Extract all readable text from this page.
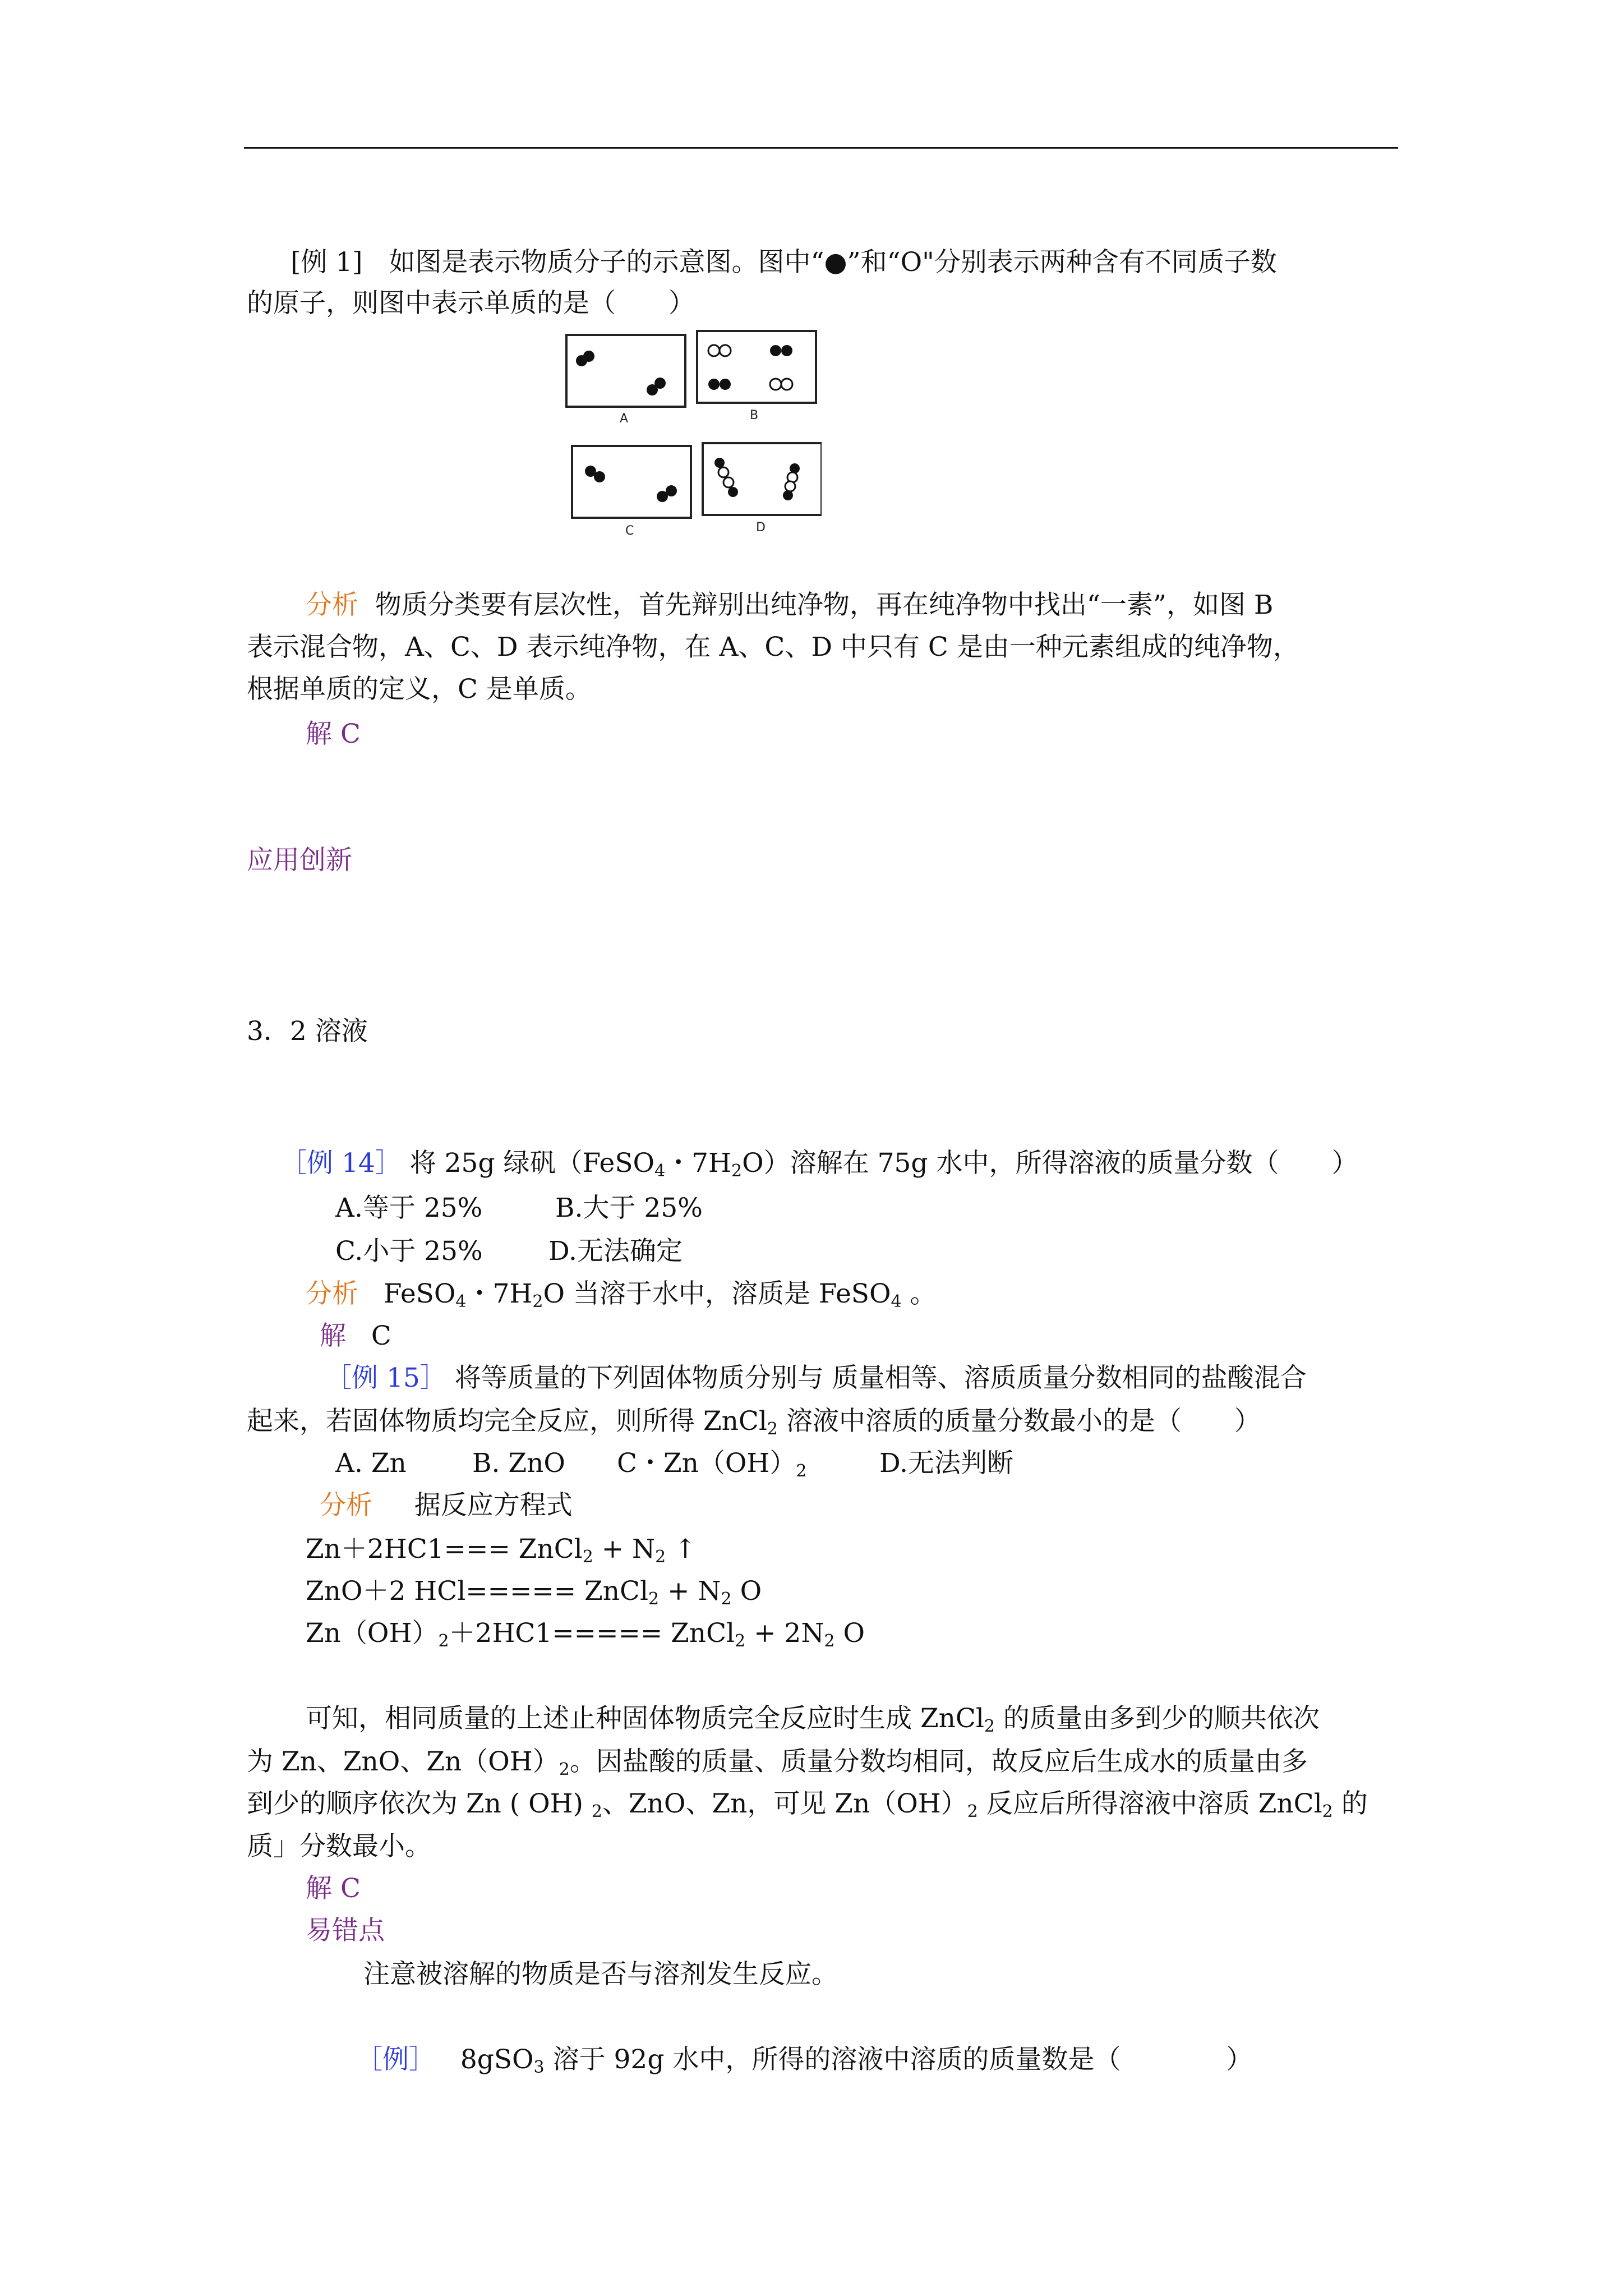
[例 1]　如图是表示物质分子的示意图。图中“●”和“O"分别表示两种含有不同质子数
的原子，则图中表示单质的是（　　）
A	B
C	D
分析 物质分类要有层次性，首先辩别出纯净物，再在纯净物中找出“一素”，如图 B
表示混合物，A、C、D 表示纯净物，在 A、C、D 中只有 C 是由一种元素组成的纯净物，
根据单质的定义，C 是单质。
解 C
应用创新
3．2 溶液
［例 14］ 将 25g 绿矾（FeSO$_4$・$7H_2O$）溶解在 75g 水中，所得溶液的质量分数（　　）
A.等于 25%	B.大于 25%
C.小于 25% D.无法确定
分析 FeSO$_4$・$7H_2O$ 当溶于水中，溶质是 FeSO$_4$ 。
解 C
［例 15］ 将等质量的下列固体物质分别与 质量相等、溶质质量分数相同的盐酸混合
起来，若固体物质均完全反应，则所得 ZnCl$_2$ 溶液中溶质的质量分数最小的是（　　）
A. Zn B. ZnO C・$Zn(OH)_2$	D.无法判断
分析 据反应方程式
Zn＋2HC1=== ZnCl$_2$ + $N_2$ ↑
ZnO＋2 HCl===== ZnCl$_2$ + $N_2$ O
$Zn(OH)_2+2HC1=====$ ZnCl$_2$ + $2N_2$ O
可知，相同质量的上述止种固体物质完全反应时生成 ZnCl$_2$ 的质量由多到少的顺共依次
为 Zn、ZnO、$Zn(OH)_2$。因盐酸的质量、质量分数均相同，故反应后生成水的质量由多
到少的顺序依次为 Zn ( OH) $_2$、ZnO、Zn，可见 $Zn(OH)_2$ 反应后所得溶液中溶质 ZnCl$_2$ 的
质」分数最小。
解 C
易错点
注意被溶解的物质是否与溶剂发生反应。
［例］ 8gSO$_3$ 溶于 92g 水中，所得的溶液中溶质的质量数是（　　　　）
